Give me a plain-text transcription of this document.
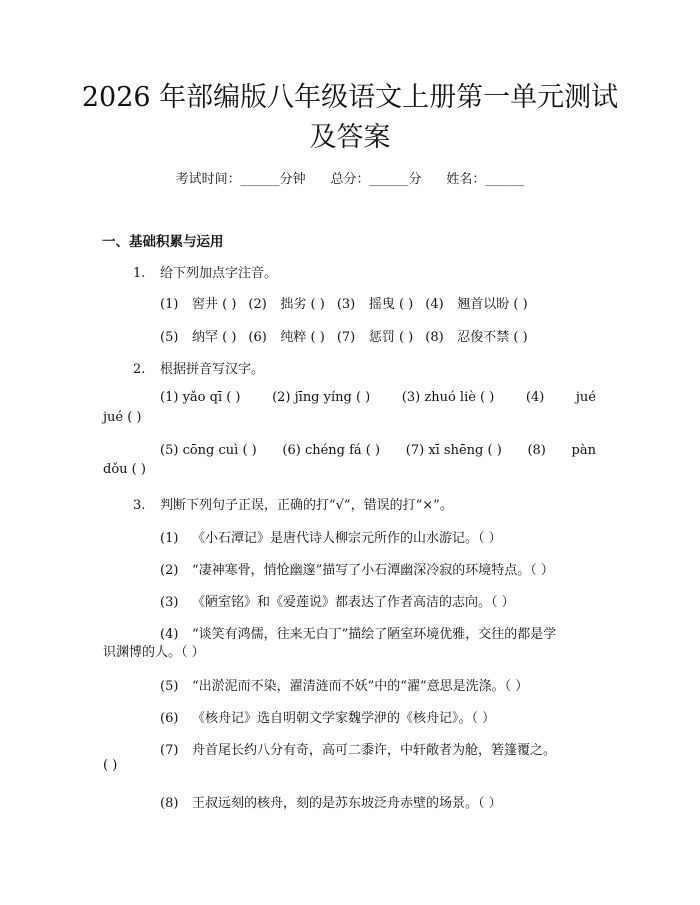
2026 年部编版八年级语文上册第一单元测试
及答案
考试时间：______分钟 总分：______分 姓名：______
一、基础积累与运用

1. 给下列加点字注音。

(1) 窖井 ( ) (2) 拙劣 ( ) (3) 摇曳 ( ) (4) 翘首以盼 ( )

(5) 纳罕 ( ) (6) 纯粹 ( ) (7) 惩罚 ( ) (8) 忍俊不禁 ( )

2. 根据拼音写汉字。

(1) yǎo qī ( ) (2) jīng yíng ( ) (3) zhuó liè ( ) (4) jué

jué ( )

(5) cōng cuì ( ) (6) chéng fá ( ) (7) xī shēng ( ) (8) pàn

dǒu ( )

3. 判断下列句子正误，正确的打“√”，错误的打“×”。

(1) 《小石潭记》是唐代诗人柳宗元所作的山水游记。（ ）

(2) “凄神寒骨，悄怆幽邃”描写了小石潭幽深冷寂的环境特点。（ ）

(3) 《陋室铭》和《爱莲说》都表达了作者高洁的志向。（ ）

(4) “谈笑有鸿儒，往来无白丁”描绘了陋室环境优雅，交往的都是学

识渊博的人。（ ）

(5) “出淤泥而不染，濯清涟而不妖”中的“濯”意思是洗涤。（ ）

(6) 《核舟记》选自明朝文学家魏学洢的《核舟记》。（ ）

(7) 舟首尾长约八分有奇，高可二黍许，中轩敞者为舱，箬篷覆之。

( )

(8) 王叔远刻的核舟，刻的是苏东坡泛舟赤壁的场景。（ ）
